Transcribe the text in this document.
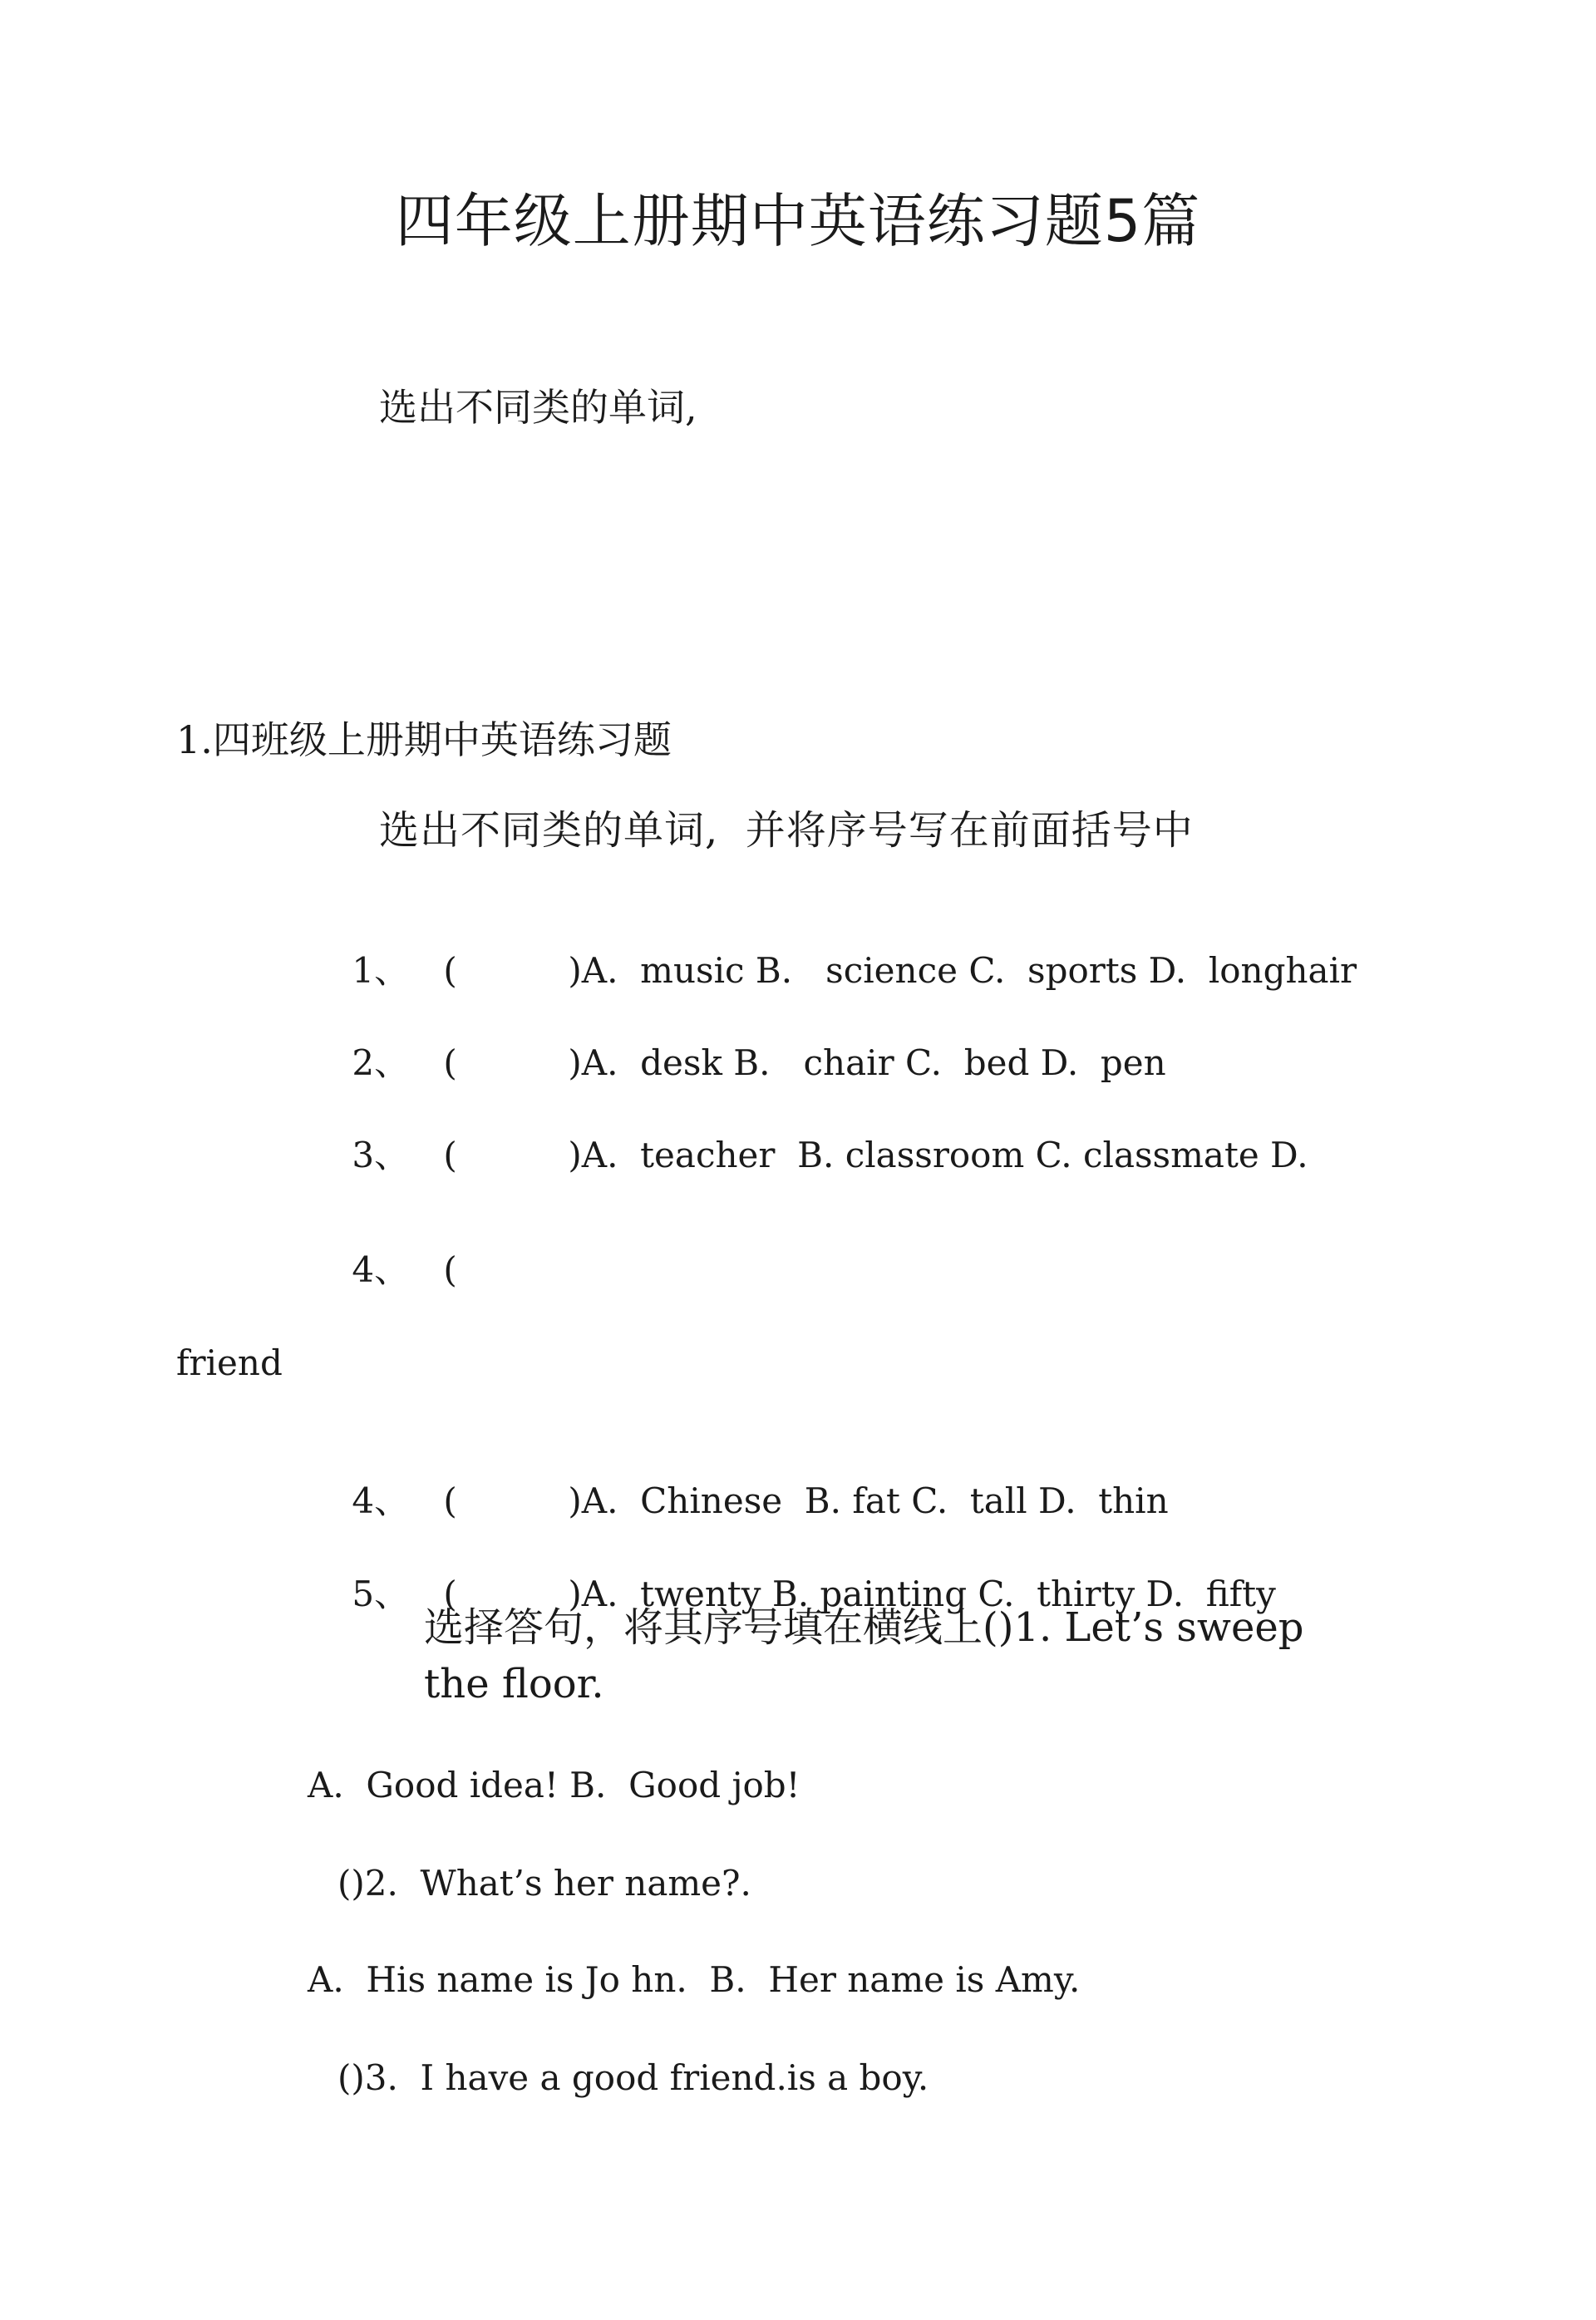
四年级上册期中英语练习题5篇

选出不同类的单词,

1.四班级上册期中英语练习题

选出不同类的单词,  并将序号写在前面括号中

1、 (	)A.  music B.   science C.  sports D.  longhair

2、 (	)A.  desk B.   chair C.  bed D.  pen

3、 (	)A.  teacher  B. classroom C. classmate D.

4、 (

friend

4、 (	)A.  Chinese  B. fat C.  tall D.  thin

5、 (	)A.  twenty B. painting C.  thirty D.  fifty

选择答句，将其序号填在横线上()1. Let’s sweep the floor.

A.  Good idea! B.  Good job!

()2.  What’s her name?.

A.  His name is Jo hn.  B.  Her name is Amy.

()3.  I have a good friend.is a boy.
